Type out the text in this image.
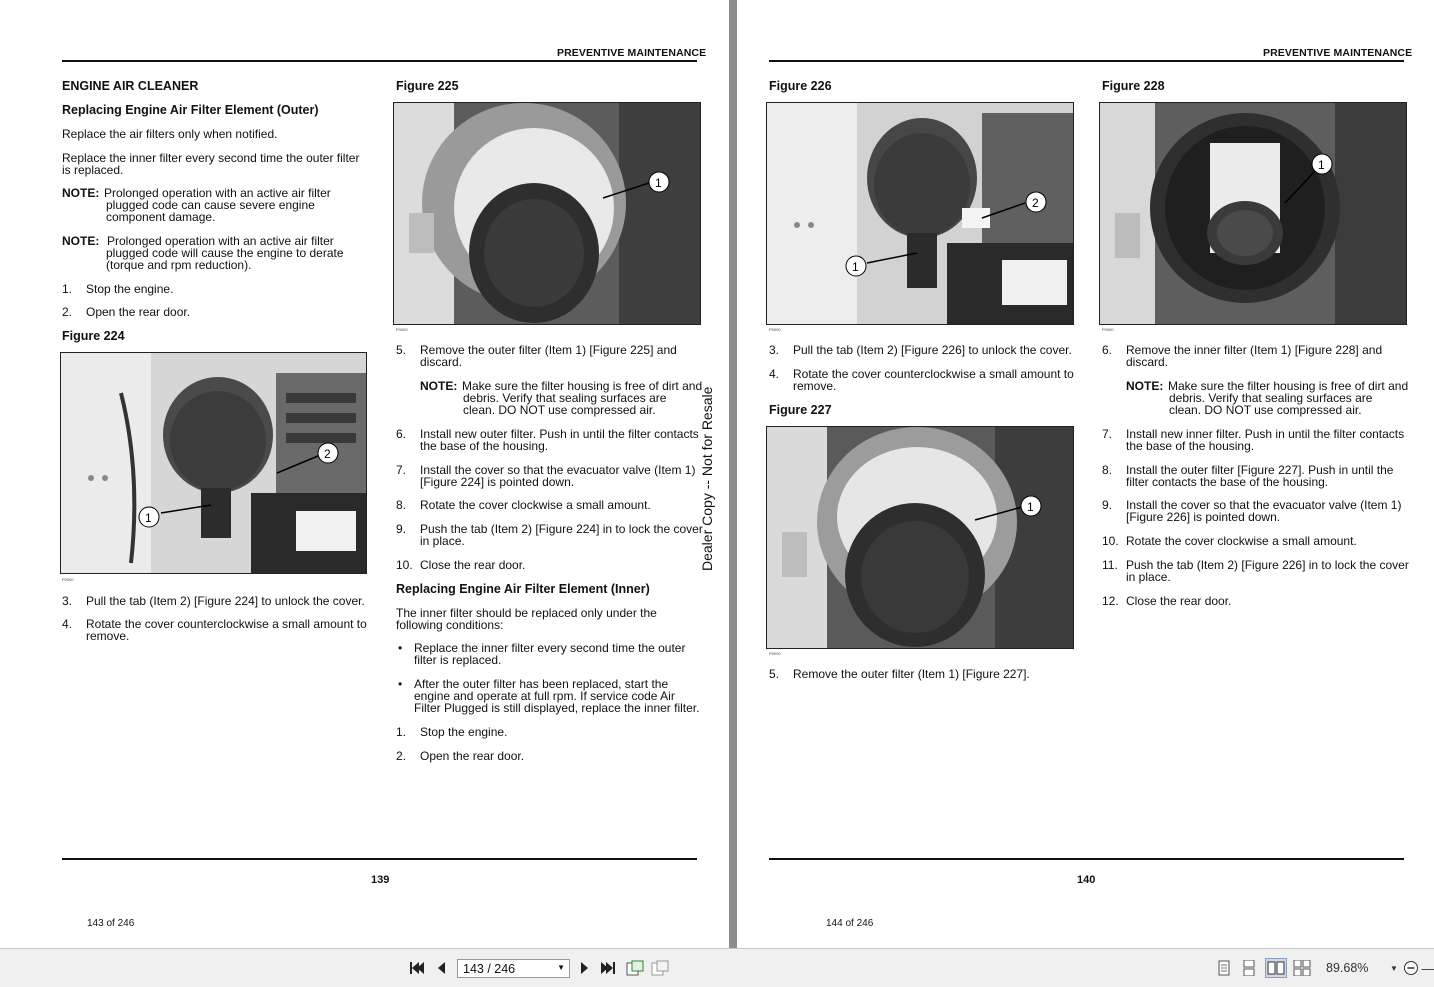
PREVENTIVE MAINTENANCE
ENGINE AIR CLEANER
Replacing Engine Air Filter Element (Outer)
Replace the air filters only when notified.
Replace the inner filter every second time the outer filter
is replaced.
NOTE: Prolonged operation with an active air filter
plugged code can cause severe engine
component damage.
NOTE: Prolonged operation with an active air filter
plugged code will cause the engine to derate
(torque and rpm reduction).
1. Stop the engine.
2. Open the rear door.
Figure 224
1
2
P0000
3. Pull the tab (Item 2) [Figure 224] to unlock the cover.
4. Rotate the cover counterclockwise a small amount to
remove.
Figure 225
1
P0000
5. Remove the outer filter (Item 1) [Figure 225] and
discard.
NOTE: Make sure the filter housing is free of dirt and
debris. Verify that sealing surfaces are
clean. DO NOT use compressed air.
6. Install new outer filter. Push in until the filter contacts
the base of the housing.
7. Install the cover so that the evacuator valve (Item 1)
[Figure 224] is pointed down.
8. Rotate the cover clockwise a small amount.
9. Push the tab (Item 2) [Figure 224] in to lock the cover
in place.
10. Close the rear door.
Replacing Engine Air Filter Element (Inner)
The inner filter should be replaced only under the
following conditions:
• Replace the inner filter every second time the outer
filter is replaced.
• After the outer filter has been replaced, start the
engine and operate at full rpm. If service code Air
Filter Plugged is still displayed, replace the inner filter.
1. Stop the engine.
2. Open the rear door.
Dealer Copy -- Not for Resale
139
143 of 246
PREVENTIVE MAINTENANCE
Figure 226
1
2
P0000
3. Pull the tab (Item 2) [Figure 226] to unlock the cover.
4. Rotate the cover counterclockwise a small amount to
remove.
Figure 227
1
P0000
5. Remove the outer filter (Item 1) [Figure 227].
Figure 228
1
P0000
6. Remove the inner filter (Item 1) [Figure 228] and
discard.
NOTE: Make sure the filter housing is free of dirt and
debris. Verify that sealing surfaces are
clean. DO NOT use compressed air.
7. Install new inner filter. Push in until the filter contacts
the base of the housing.
8. Install the outer filter [Figure 227]. Push in until the
filter contacts the base of the housing.
9. Install the cover so that the evacuator valve (Item 1)
[Figure 226] is pointed down.
10. Rotate the cover clockwise a small amount.
11. Push the tab (Item 2) [Figure 226] in to lock the cover
in place.
12. Close the rear door.
140
144 of 246
143 / 246	▼	89.68%	▼ —
